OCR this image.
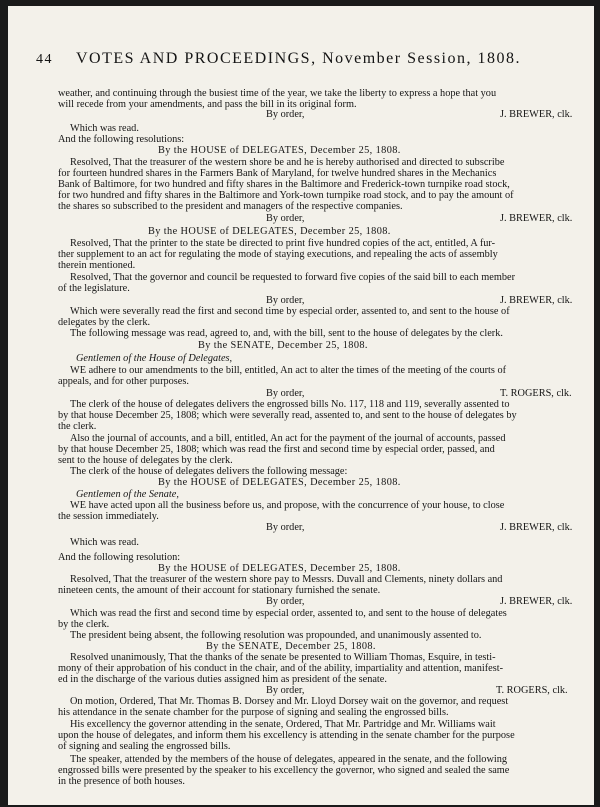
44 VOTES AND PROCEEDINGS, November Session, 1808.
weather, and continuing through the busiest time of the year, we take the liberty to express a hope that you
will recede from your amendments, and pass the bill in its original form.
By order,	J. BREWER, clk.
Which was read.
And the following resolutions:
By the HOUSE of DELEGATES, December 25, 1808.
Resolved, That the treasurer of the western shore be and he is hereby authorised and directed to subscribe
for fourteen hundred shares in the Farmers Bank of Maryland, for twelve hundred shares in the Mechanics
Bank of Baltimore, for two hundred and fifty shares in the Baltimore and Frederick-town turnpike road stock,
for two hundred and fifty shares in the Baltimore and York-town turnpike road stock, and to pay the amount of
the shares so subscribed to the president and managers of the respective companies.
By order,	J. BREWER, clk.
By the HOUSE of DELEGATES, December 25, 1808.
Resolved, That the printer to the state be directed to print five hundred copies of the act, entitled, A fur-
ther supplement to an act for regulating the mode of staying executions, and repealing the acts of assembly
therein mentioned.
Resolved, That the governor and council be requested to forward five copies of the said bill to each member
of the legislature.
By order,	J. BREWER, clk.
Which were severally read the first and second time by especial order, assented to, and sent to the house of
delegates by the clerk.
The following message was read, agreed to, and, with the bill, sent to the house of delegates by the clerk.
By the SENATE, December 25, 1808.
Gentlemen of the House of Delegates,
WE adhere to our amendments to the bill, entitled, An act to alter the times of the meeting of the courts of
appeals, and for other purposes.
By order,	T. ROGERS, clk.
The clerk of the house of delegates delivers the engrossed bills No. 117, 118 and 119, severally assented to
by that house December 25, 1808; which were severally read, assented to, and sent to the house of delegates by
the clerk.
Also the journal of accounts, and a bill, entitled, An act for the payment of the journal of accounts, passed
by that house December 25, 1808; which was read the first and second time by especial order, passed, and
sent to the house of delegates by the clerk.
The clerk of the house of delegates delivers the following message:
By the HOUSE of DELEGATES, December 25, 1808.
Gentlemen of the Senate,
WE have acted upon all the business before us, and propose, with the concurrence of your house, to close
the session immediately.
By order,	J. BREWER, clk.
Which was read.
And the following resolution:
By the HOUSE of DELEGATES, December 25, 1808.
Resolved, That the treasurer of the western shore pay to Messrs. Duvall and Clements, ninety dollars and
nineteen cents, the amount of their account for stationary furnished the senate.
By order,	J. BREWER, clk.
Which was read the first and second time by especial order, assented to, and sent to the house of delegates
by the clerk.
The president being absent, the following resolution was propounded, and unanimously assented to.
By the SENATE, December 25, 1808.
Resolved unanimously, That the thanks of the senate be presented to William Thomas, Esquire, in testi-
mony of their approbation of his conduct in the chair, and of the ability, impartiality and attention, manifest-
ed in the discharge of the various duties assigned him as president of the senate.
By order,	T. ROGERS, clk.
On motion, Ordered, That Mr. Thomas B. Dorsey and Mr. Lloyd Dorsey wait on the governor, and request
his attendance in the senate chamber for the purpose of signing and sealing the engrossed bills.
His excellency the governor attending in the senate, Ordered, That Mr. Partridge and Mr. Williams wait
upon the house of delegates, and inform them his excellency is attending in the senate chamber for the purpose
of signing and sealing the engrossed bills.
The speaker, attended by the members of the house of delegates, appeared in the senate, and the following
engrossed bills were presented by the speaker to his excellency the governor, who signed and sealed the same
in the presence of both houses.
